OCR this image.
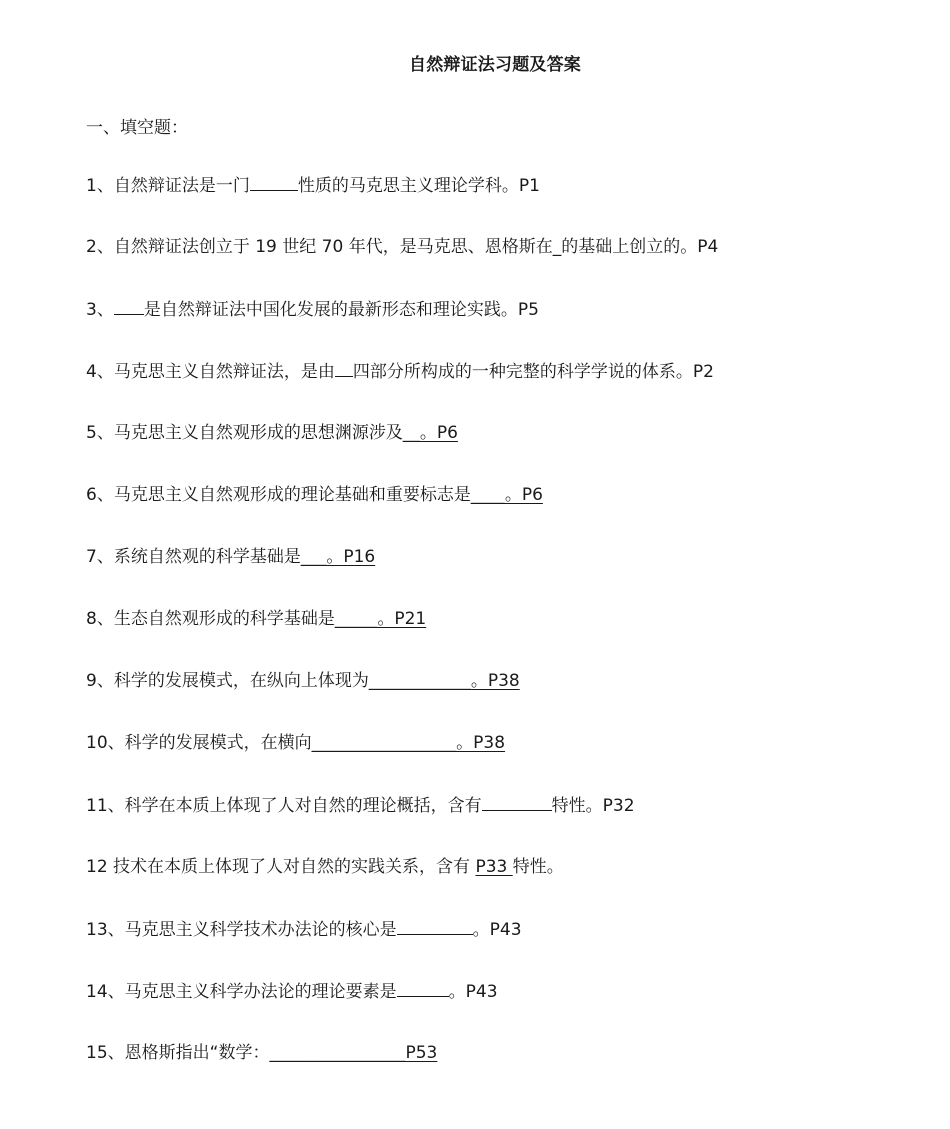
自然辩证法习题及答案
一、填空题：
1、自然辩证法是一门	性质的马克思主义理论学科。P1
2、自然辩证法创立于 19 世纪 70 年代，是马克思、恩格斯在_的基础上创立的。P4
3、 是自然辩证法中国化发展的最新形态和理论实践。P5
4、马克思主义自然辩证法，是由 四部分所构成的一种完整的科学学说的体系。P2
5、马克思主义自然观形成的思想渊源涉及__。P6
6、马克思主义自然观形成的理论基础和重要标志是____。P6
7、系统自然观的科学基础是___。P16
8、生态自然观形成的科学基础是_____。P21
9、科学的发展模式，在纵向上体现为____________。P38
10、科学的发展模式，在横向_________________。P38
11、科学在本质上体现了人对自然的理论概括，含有	特性。P32
12 技术在本质上体现了人对自然的实践关系，含有 P33 特性。
13、马克思主义科学技术办法论的核心是	。P43
14、马克思主义科学办法论的理论要素是	。P43
15、恩格斯指出“数学：________________P53
